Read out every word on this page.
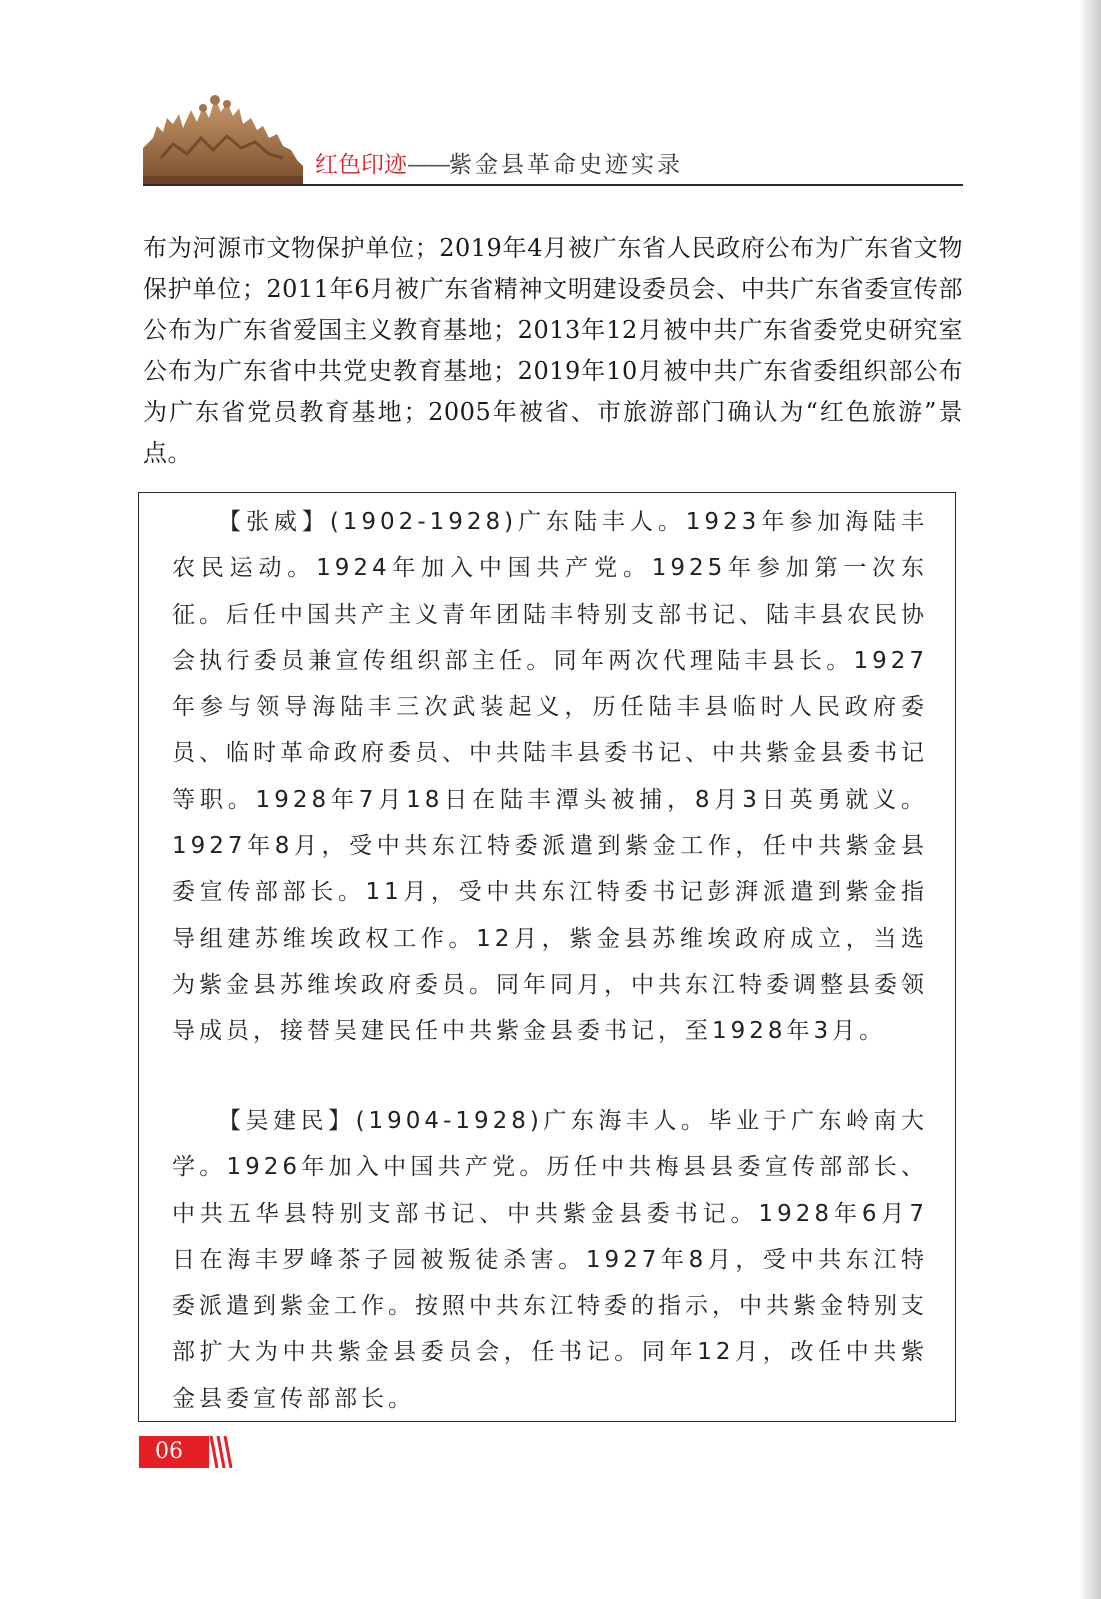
红色印迹——紫金县革命史迹实录

布为河源市文物保护单位；2019年4月被广东省人民政府公布为广东省文物保护单位；2011年6月被广东省精神文明建设委员会、中共广东省委宣传部公布为广东省爱国主义教育基地；2013年12月被中共广东省委党史研究室公布为广东省中共党史教育基地；2019年10月被中共广东省委组织部公布为广东省党员教育基地；2005年被省、市旅游部门确认为“红色旅游”景点。

【张威】(1902-1928)广东陆丰人。1923年参加海陆丰农民运动。1924年加入中国共产党。1925年参加第一次东征。后任中国共产主义青年团陆丰特别支部书记、陆丰县农民协会执行委员兼宣传组织部主任。同年两次代理陆丰县长。1927年参与领导海陆丰三次武装起义，历任陆丰县临时人民政府委员、临时革命政府委员、中共陆丰县委书记、中共紫金县委书记等职。1928年7月18日在陆丰潭头被捕，8月3日英勇就义。1927年8月，受中共东江特委派遣到紫金工作，任中共紫金县委宣传部部长。11月，受中共东江特委书记彭湃派遣到紫金指导组建苏维埃政权工作。12月，紫金县苏维埃政府成立，当选为紫金县苏维埃政府委员。同年同月，中共东江特委调整县委领导成员，接替吴建民任中共紫金县委书记，至1928年3月。

【吴建民】(1904-1928)广东海丰人。毕业于广东岭南大学。1926年加入中国共产党。历任中共梅县县委宣传部部长、中共五华县特别支部书记、中共紫金县委书记。1928年6月7日在海丰罗峰茶子园被叛徒杀害。1927年8月，受中共东江特委派遣到紫金工作。按照中共东江特委的指示，中共紫金特别支部扩大为中共紫金县委员会，任书记。同年12月，改任中共紫金县委宣传部部长。

06
